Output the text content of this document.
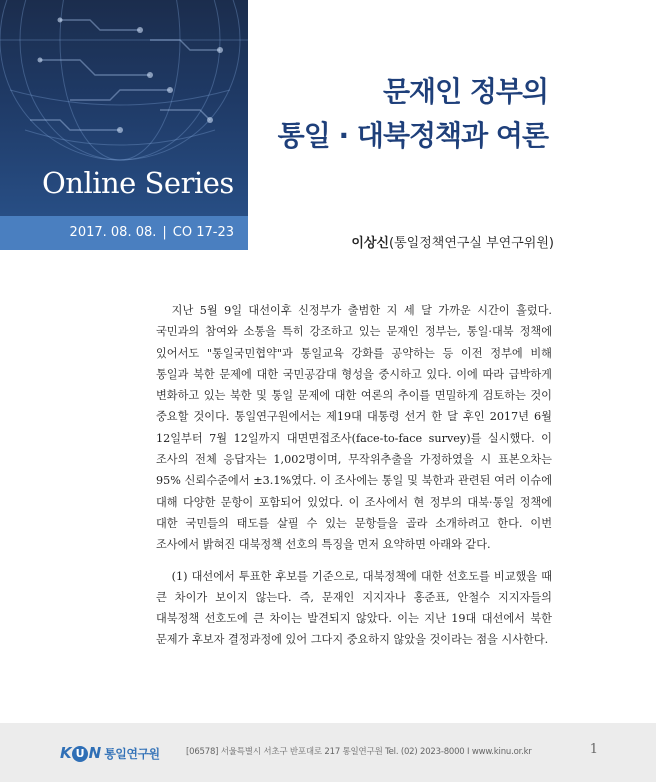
Online Series
2017. 08. 08. | CO 17-23
문재인 정부의
통일 · 대북정책과 여론
이상신(통일정책연구실 부연구위원)

지난 5월 9일 대선이후 신정부가 출범한 지 세 달 가까운 시간이 흘렀다. 국민과의 참여와 소통을 특히 강조하고 있는 문재인 정부는, 통일·대북 정책에 있어서도 "통일국민협약"과 통일교육 강화를 공약하는 등 이전 정부에 비해 통일과 북한 문제에 대한 국민공감대 형성을 중시하고 있다. 이에 따라 급박하게 변화하고 있는 북한 및 통일 문제에 대한 여론의 추이를 면밀하게 검토하는 것이 중요할 것이다. 통일연구원에서는 제19대 대통령 선거 한 달 후인 2017년 6월 12일부터 7월 12일까지 대면면접조사(face-to-face survey)를 실시했다. 이 조사의 전체 응답자는 1,002명이며, 무작위추출을 가정하였을 시 표본오차는 95% 신뢰수준에서 ±3.1%였다. 이 조사에는 통일 및 북한과 관련된 여러 이슈에 대해 다양한 문항이 포함되어 있었다. 이 조사에서 현 정부의 대북·통일 정책에 대한 국민들의 태도를 살필 수 있는 문항들을 골라 소개하려고 한다. 이번 조사에서 밝혀진 대북정책 선호의 특징을 먼저 요약하면 아래와 같다.

(1) 대선에서 투표한 후보를 기준으로, 대북정책에 대한 선호도를 비교했을 때 큰 차이가 보이지 않는다. 즉, 문재인 지지자나 홍준표, 안철수 지지자들의 대북정책 선호도에 큰 차이는 발견되지 않았다. 이는 지난 19대 대선에서 북한 문제가 후보자 결정과정에 있어 그다지 중요하지 않았을 것이라는 점을 시사한다.

K U N 통일연구원	[06578] 서울특별시 서초구 반포대로 217 통일연구원 Tel. (02) 2023-8000 I www.kinu.or.kr	1
